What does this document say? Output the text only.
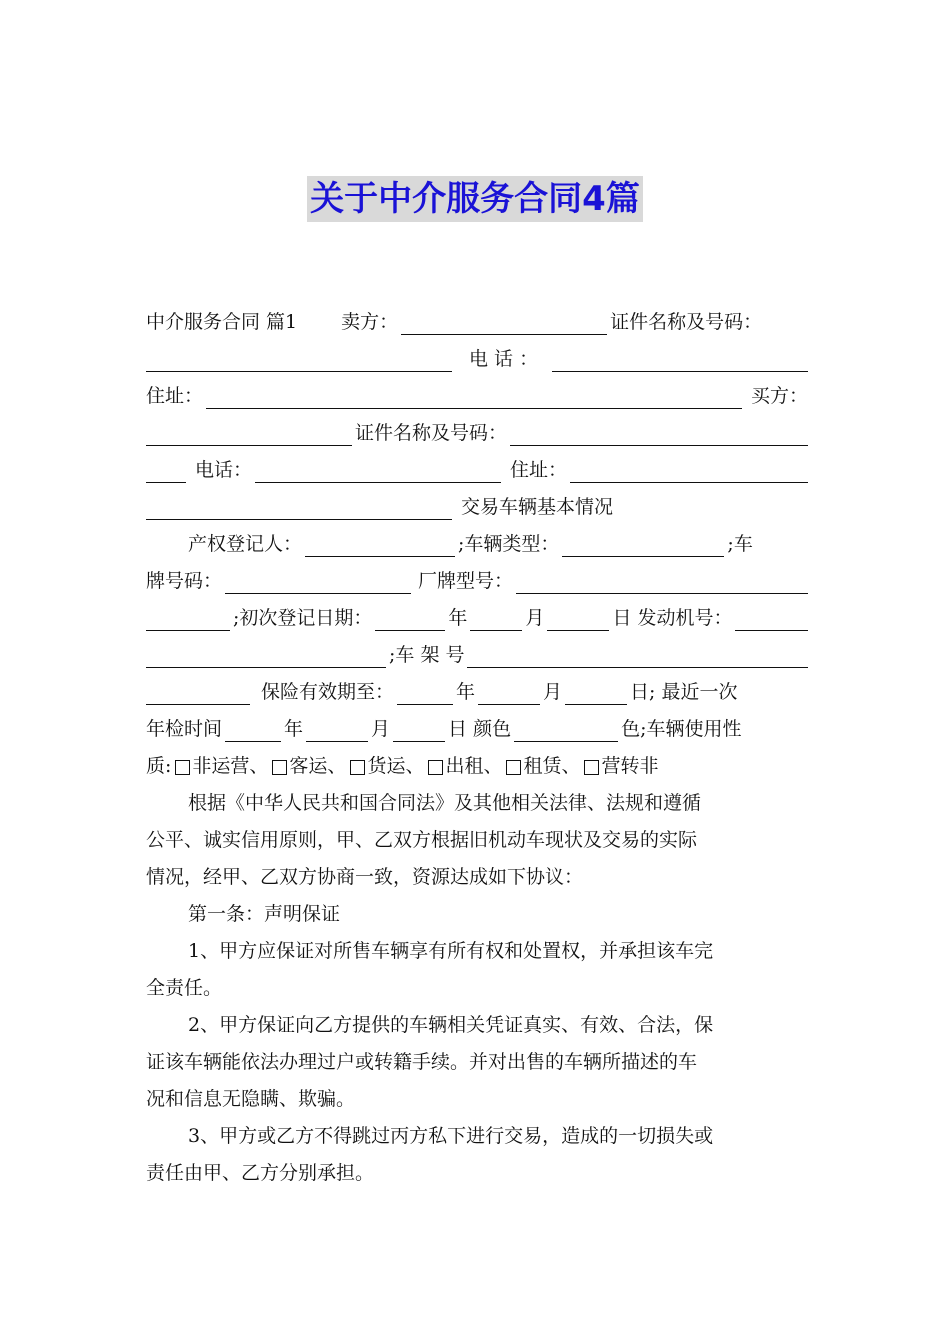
关于中介服务合同4篇
中介服务合同 篇1 卖方：	证件名称及号码：
电 话 ：
住址：	买方：
证件名称及号码：
电话：	住址：
交易车辆基本情况
产权登记人：	;车辆类型：	;车
牌号码：	厂牌型号：
;初次登记日期：	年	月	日 发动机号：
;车 架 号
保险有效期至：	年	月	日; 最近一次
年检时间	年	月	日 颜色	色;车辆使用性
质: 非运营、 客运、 货运、 出租、 租赁、 营转非
根据《中华人民共和国合同法》及其他相关法律、法规和遵循
公平、诚实信用原则，甲、乙双方根据旧机动车现状及交易的实际
情况，经甲、乙双方协商一致，资源达成如下协议：
第一条：声明保证
1、甲方应保证对所售车辆享有所有权和处置权，并承担该车完
全责任。
2、甲方保证向乙方提供的车辆相关凭证真实、有效、合法，保
证该车辆能依法办理过户或转籍手续。并对出售的车辆所描述的车
况和信息无隐瞒、欺骗。
3、甲方或乙方不得跳过丙方私下进行交易，造成的一切损失或
责任由甲、乙方分别承担。
